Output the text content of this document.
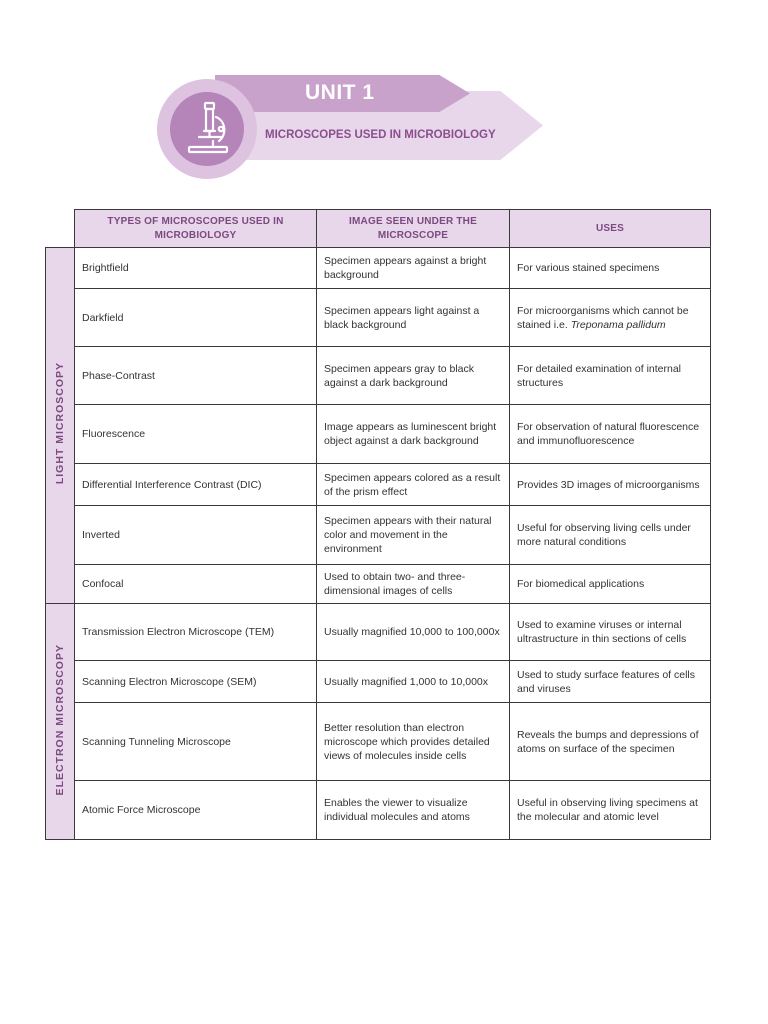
UNIT 1
MICROSCOPES USED IN MICROBIOLOGY
	TYPES OF MICROSCOPES USED IN MICROBIOLOGY	IMAGE SEEN UNDER THE MICROSCOPE	USES
LIGHT MICROSCOPY	Brightfield	Specimen appears against a bright background	For various stained specimens
	Darkfield	Specimen appears light against a black background	For microorganisms which cannot be stained i.e. Treponama pallidum
	Phase-Contrast	Specimen appears gray to black against a dark background	For detailed examination of internal structures
	Fluorescence	Image appears as luminescent bright object against a dark background	For observation of natural fluorescence and immunofluorescence
	Differential Interference Contrast (DIC)	Specimen appears colored as a result of the prism effect	Provides 3D images of microorganisms
	Inverted	Specimen appears with their natural color and movement in the environment	Useful for observing living cells under more natural conditions
	Confocal	Used to obtain two- and three-dimensional images of cells	For biomedical applications
ELECTRON MICROSCOPY	Transmission Electron Microscope (TEM)	Usually magnified 10,000 to 100,000x	Used to examine viruses or internal ultrastructure in thin sections of cells
	Scanning Electron Microscope (SEM)	Usually magnified 1,000 to 10,000x	Used to study surface features of cells and viruses
	Scanning Tunneling Microscope	Better resolution than electron microscope which provides detailed views of molecules inside cells	Reveals the bumps and depressions of atoms on surface of the specimen
	Atomic Force Microscope	Enables the viewer to visualize individual molecules and atoms	Useful in observing living specimens at the molecular and atomic level
